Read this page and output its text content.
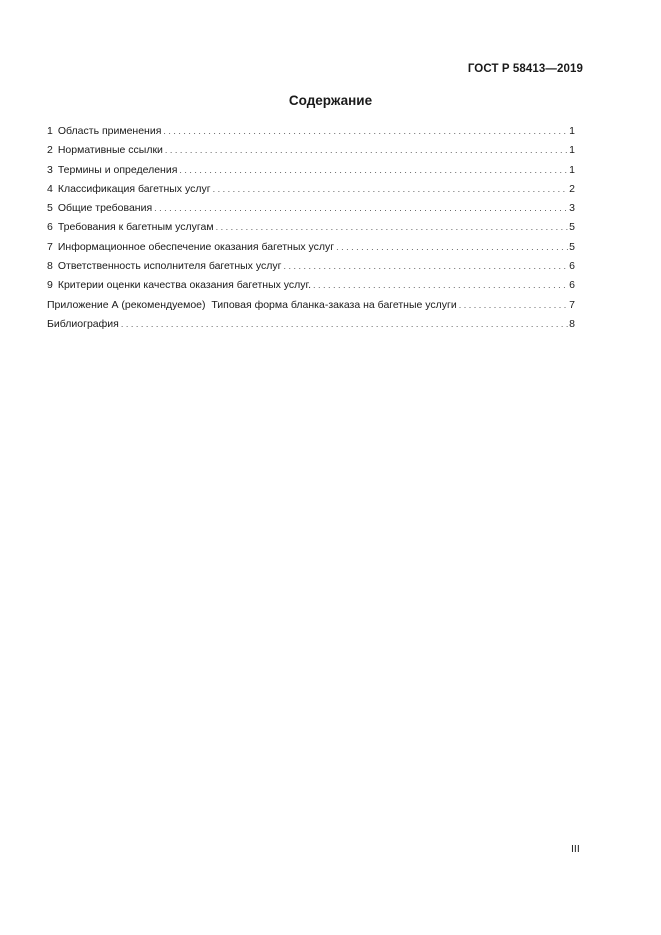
ГОСТ Р 58413—2019
Содержание
1 Область применения . . .	1
2 Нормативные ссылки . . .	1
3 Термины и определения . . .	1
4 Классификация багетных услуг . . .	2
5 Общие требования . . .	3
6 Требования к багетным услугам . . .	5
7 Информационное обеспечение оказания багетных услуг . . .	5
8 Ответственность исполнителя багетных услуг . . .	6
9 Критерии оценки качества оказания багетных услуг. . . .	6
Приложение А (рекомендуемое)  Типовая форма бланка-заказа на багетные услуги . . .	7
Библиография . . .	8
III
